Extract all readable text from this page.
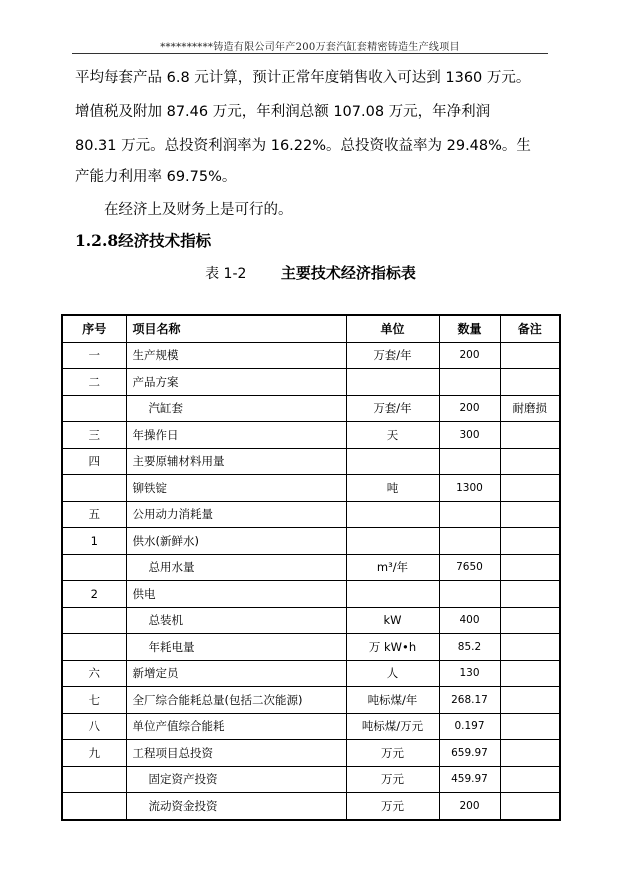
**********铸造有限公司年产200万套汽缸套精密铸造生产线项目
平均每套产品 6.8 元计算，预计正常年度销售收入可达到 1360 万元。
增值税及附加 87.46 万元，年利润总额 107.08 万元，年净利润
80.31 万元。总投资利润率为 16.22%。总投资收益率为 29.48%。生
产能力利用率 69.75%。
在经济上及财务上是可行的。
1.2.8经济技术指标
表 1-2 主要技术经济指标表
序号	项目名称	单位	数量	备注
一	生产规模	万套/年	200	
二	产品方案			
	汽缸套	万套/年	200	耐磨损
三	年操作日	天	300	
四	主要原辅材料用量			
	铆铁锭	吨	1300	
五	公用动力消耗量			
1	供水(新鲜水)			
	总用水量	m³/年	7650	
2	供电			
	总装机	kW	400	
	年耗电量	万 kW•h	85.2	
六	新增定员	人	130	
七	全厂综合能耗总量(包括二次能源)	吨标煤/年	268.17	
八	单位产值综合能耗	吨标煤/万元	0.197	
九	工程项目总投资	万元	659.97	
	固定资产投资	万元	459.97	
	流动资金投资	万元	200	
